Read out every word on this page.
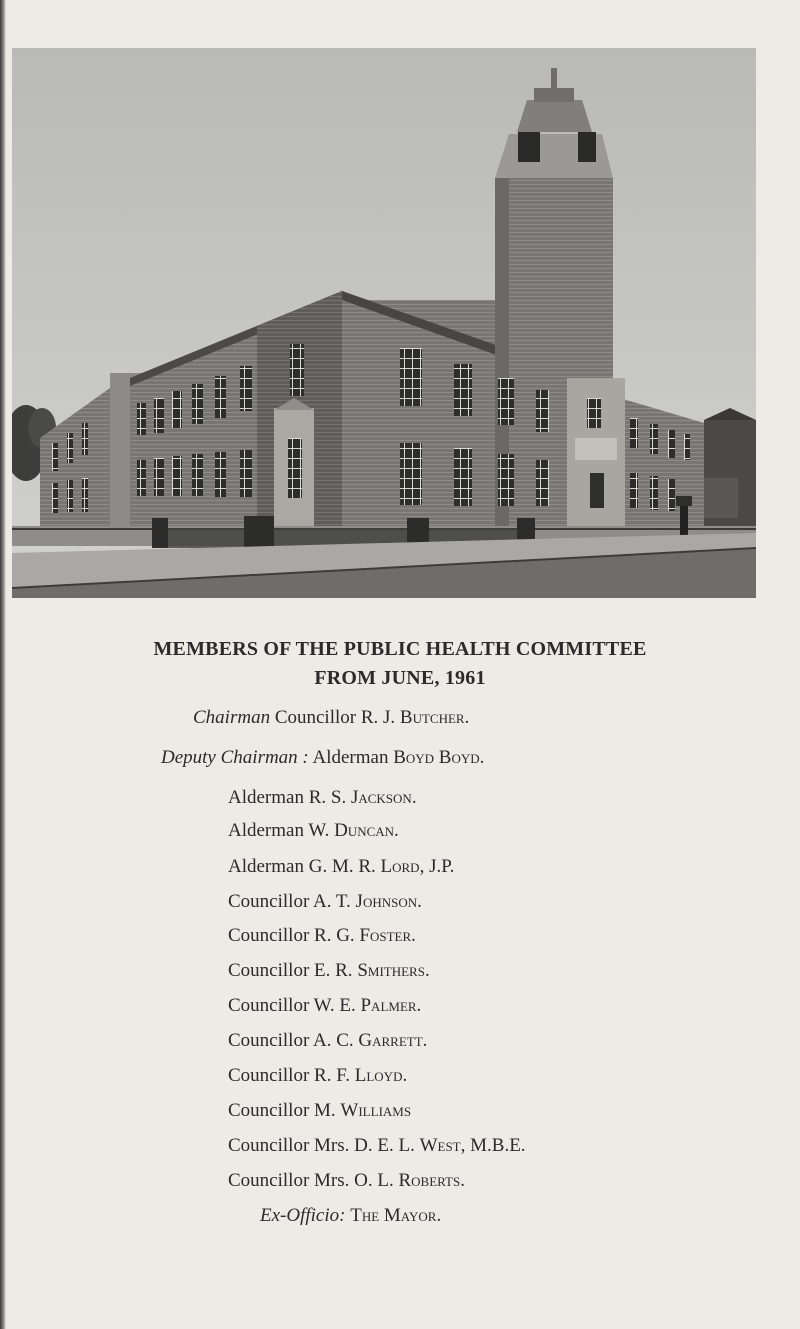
MEMBERS OF THE PUBLIC HEALTH COMMITTEE
FROM JUNE, 1961
Chairman Councillor R. J. Butcher.
Deputy Chairman : Alderman Boyd Boyd.
Alderman R. S. Jackson.
Alderman W. Duncan.
Alderman G. M. R. Lord, J.P.
Councillor A. T. Johnson.
Councillor R. G. Foster.
Councillor E. R. Smithers.
Councillor W. E. Palmer.
Councillor A. C. Garrett.
Councillor R. F. Lloyd.
Councillor M. Williams
Councillor Mrs. D. E. L. West, M.B.E.
Councillor Mrs. O. L. Roberts.
Ex-Officio: The Mayor.
